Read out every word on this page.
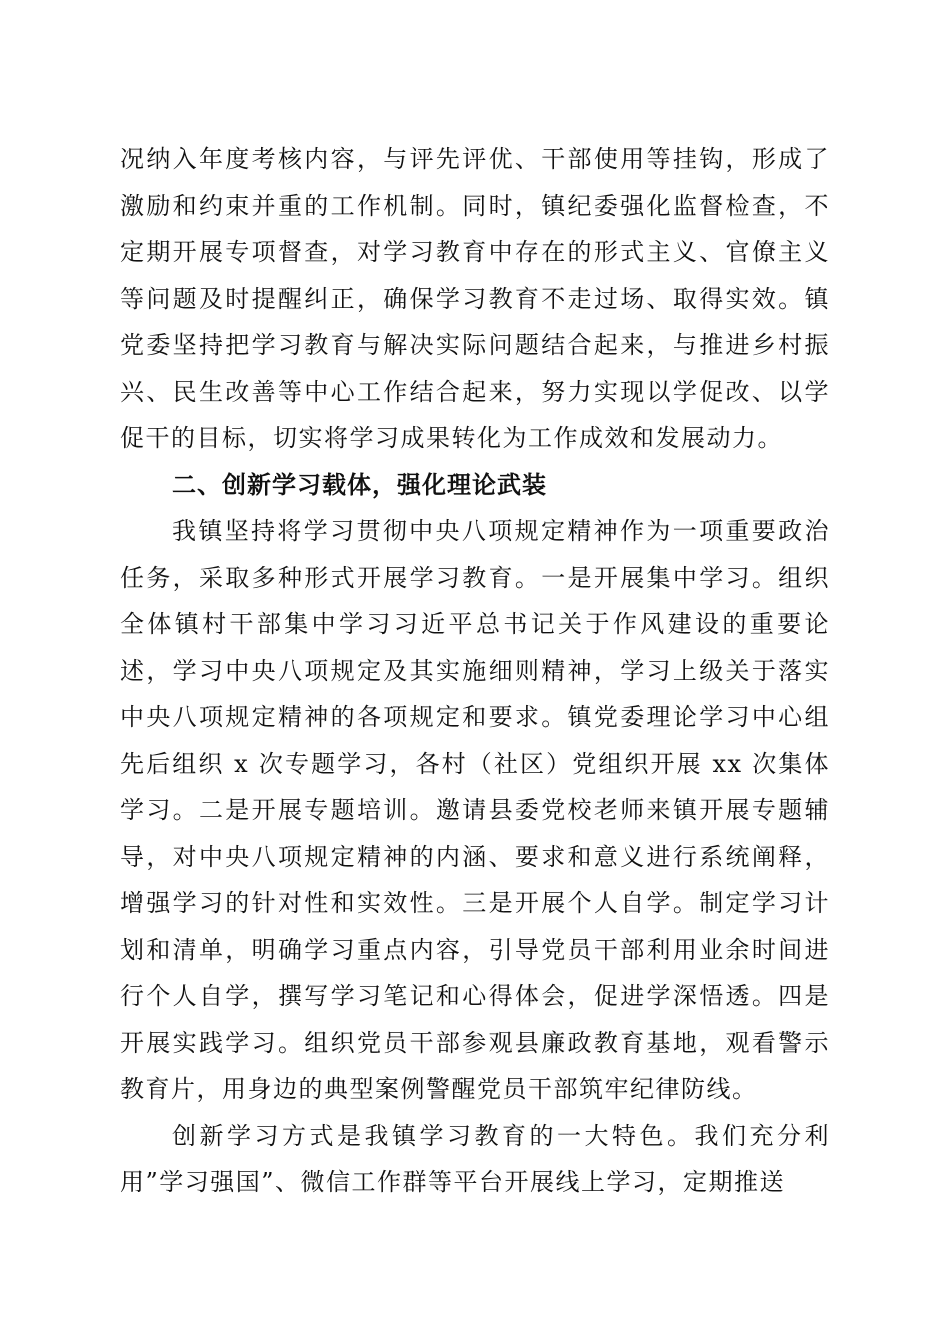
况纳入年度考核内容，与评先评优、干部使用等挂钩，形成了激励和约束并重的工作机制。同时，镇纪委强化监督检查，不定期开展专项督查，对学习教育中存在的形式主义、官僚主义等问题及时提醒纠正，确保学习教育不走过场、取得实效。镇党委坚持把学习教育与解决实际问题结合起来，与推进乡村振兴、民生改善等中心工作结合起来，努力实现以学促改、以学促干的目标，切实将学习成果转化为工作成效和发展动力。

二、创新学习载体，强化理论武装

我镇坚持将学习贯彻中央八项规定精神作为一项重要政治任务，采取多种形式开展学习教育。一是开展集中学习。组织全体镇村干部集中学习习近平总书记关于作风建设的重要论述，学习中央八项规定及其实施细则精神，学习上级关于落实中央八项规定精神的各项规定和要求。镇党委理论学习中心组先后组织 x 次专题学习，各村（社区）党组织开展 xx 次集体学习。二是开展专题培训。邀请县委党校老师来镇开展专题辅导，对中央八项规定精神的内涵、要求和意义进行系统阐释，增强学习的针对性和实效性。三是开展个人自学。制定学习计划和清单，明确学习重点内容，引导党员干部利用业余时间进行个人自学，撰写学习笔记和心得体会，促进学深悟透。四是开展实践学习。组织党员干部参观县廉政教育基地，观看警示教育片，用身边的典型案例警醒党员干部筑牢纪律防线。

创新学习方式是我镇学习教育的一大特色。我们充分利用”学习强国”、微信工作群等平台开展线上学习，定期推送
